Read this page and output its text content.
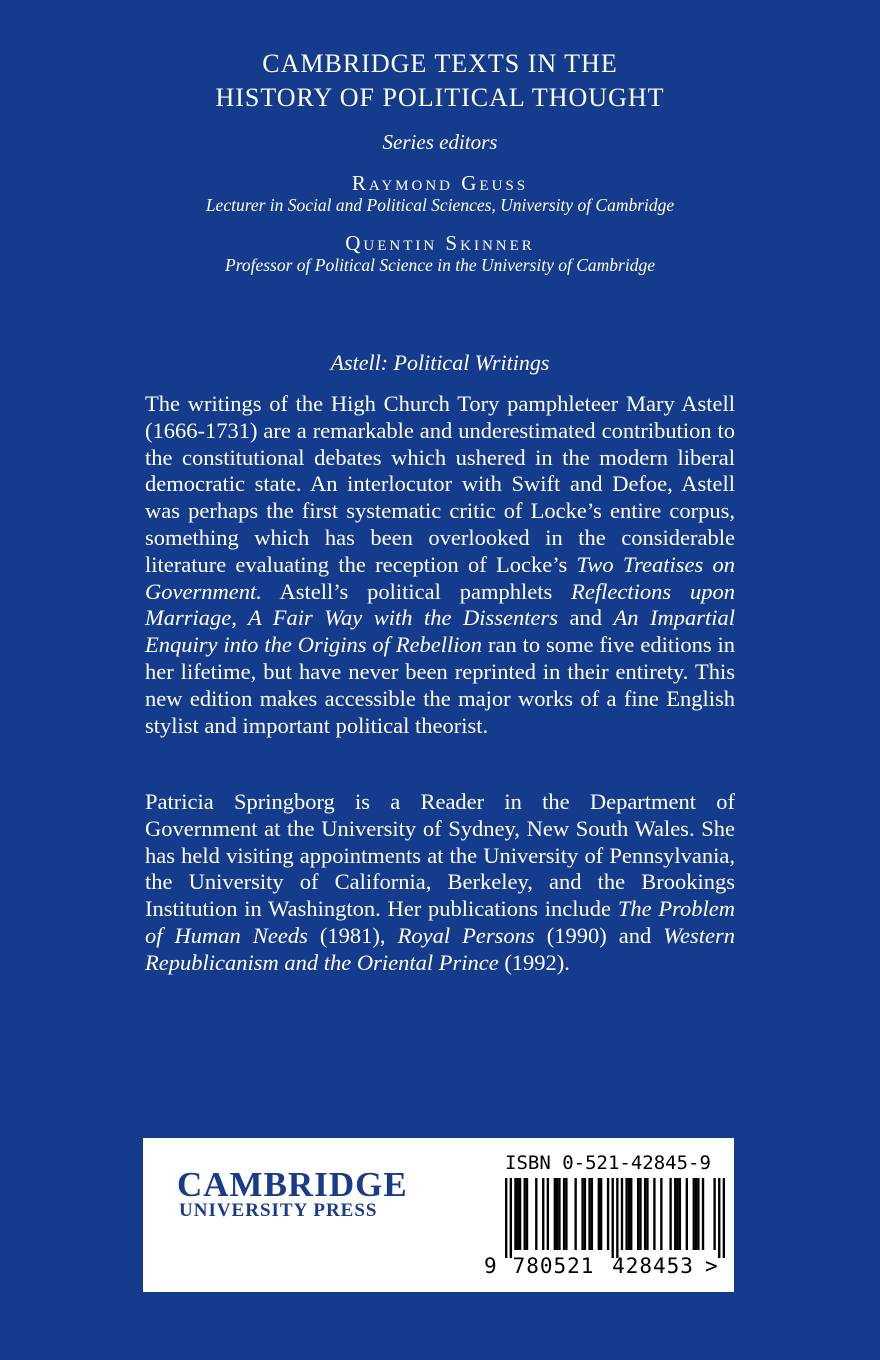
CAMBRIDGE TEXTS IN THE
HISTORY OF POLITICAL THOUGHT
Series editors
Raymond Geuss
Lecturer in Social and Political Sciences, University of Cambridge
Quentin Skinner
Professor of Political Science in the University of Cambridge
Astell: Political Writings

The writings of the High Church Tory pamphleteer Mary Astell (1666-1731) are a remarkable and underestimated contribution to the constitutional debates which ushered in the modern liberal democratic state. An interlocutor with Swift and Defoe, Astell was perhaps the first systematic critic of Locke’s entire corpus, something which has been overlooked in the considerable literature evaluating the reception of Locke’s Two Treatises on Government. Astell’s political pamphlets Reflections upon Marriage, A Fair Way with the Dissenters and An Impartial Enquiry into the Origins of Rebellion ran to some five editions in her lifetime, but have never been reprinted in their entirety. This new edition makes accessible the major works of a fine English stylist and important political theorist.

Patricia Springborg is a Reader in the Department of Government at the University of Sydney, New South Wales. She has held visiting appointments at the University of Pennsylvania, the University of California, Berkeley, and the Brookings Institution in Washington. Her publications include The Problem of Human Needs (1981), Royal Persons (1990) and Western Republicanism and the Oriental Prince (1992).

CAMBRIDGE
UNIVERSITY PRESS
ISBN 0-521-42845-9
9 780521 428453 >
